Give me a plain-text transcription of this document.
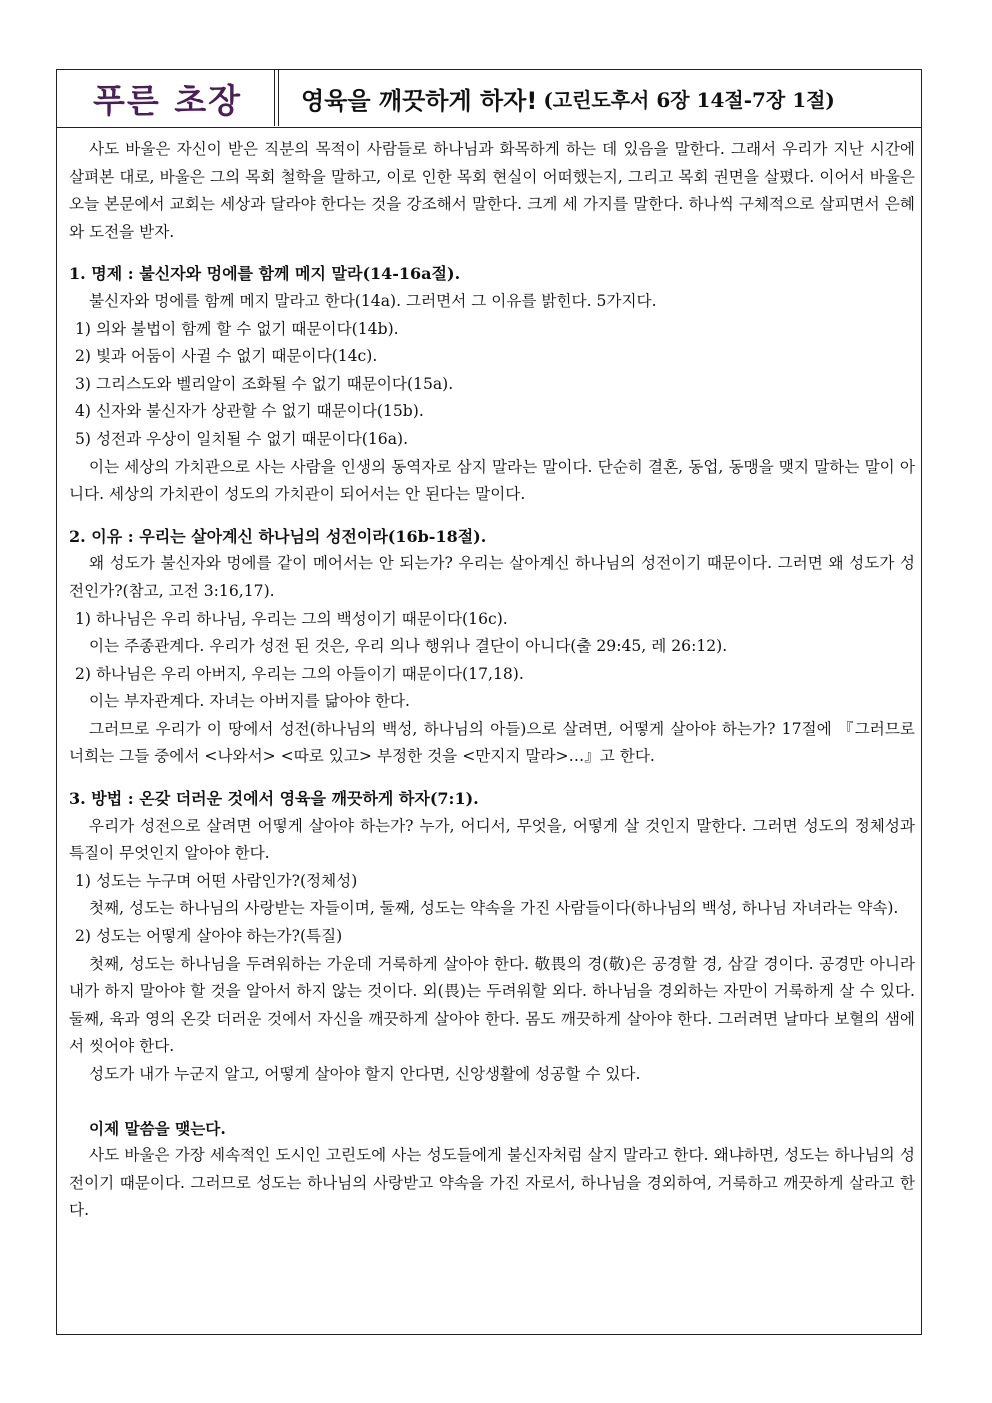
푸른 초장 영육을 깨끗하게 하자! (고린도후서 6장 14절-7장 1절)

사도 바울은 자신이 받은 직분의 목적이 사람들로 하나님과 화목하게 하는 데 있음을 말한다. 그래서 우리가 지난 시간에 살펴본 대로, 바울은 그의 목회 철학을 말하고, 이로 인한 목회 현실이 어떠했는지, 그리고 목회 권면을 살폈다. 이어서 바울은 오늘 본문에서 교회는 세상과 달라야 한다는 것을 강조해서 말한다. 크게 세 가지를 말한다. 하나씩 구체적으로 살피면서 은혜와 도전을 받자.

1. 명제 : 불신자와 멍에를 함께 메지 말라(14-16a절).

불신자와 멍에를 함께 메지 말라고 한다(14a). 그러면서 그 이유를 밝힌다. 5가지다.

1) 의와 불법이 함께 할 수 없기 때문이다(14b).

2) 빛과 어둠이 사귈 수 없기 때문이다(14c).

3) 그리스도와 벨리알이 조화될 수 없기 때문이다(15a).

4) 신자와 불신자가 상관할 수 없기 때문이다(15b).

5) 성전과 우상이 일치될 수 없기 때문이다(16a).

이는 세상의 가치관으로 사는 사람을 인생의 동역자로 삼지 말라는 말이다. 단순히 결혼, 동업, 동맹을 맺지 말하는 말이 아니다. 세상의 가치관이 성도의 가치관이 되어서는 안 된다는 말이다.

2. 이유 : 우리는 살아계신 하나님의 성전이라(16b-18절).

왜 성도가 불신자와 멍에를 같이 메어서는 안 되는가? 우리는 살아계신 하나님의 성전이기 때문이다. 그러면 왜 성도가 성전인가?(참고, 고전 3:16,17).

1) 하나님은 우리 하나님, 우리는 그의 백성이기 때문이다(16c).

이는 주종관계다. 우리가 성전 된 것은, 우리 의나 행위나 결단이 아니다(출 29:45, 레 26:12).

2) 하나님은 우리 아버지, 우리는 그의 아들이기 때문이다(17,18).

이는 부자관계다. 자녀는 아버지를 닮아야 한다.

그러므로 우리가 이 땅에서 성전(하나님의 백성, 하나님의 아들)으로 살려면, 어떻게 살아야 하는가? 17절에 『그러므로 너희는 그들 중에서 <나와서> <따로 있고> 부정한 것을 <만지지 말라>…』고 한다.

3. 방법 : 온갖 더러운 것에서 영육을 깨끗하게 하자(7:1).

우리가 성전으로 살려면 어떻게 살아야 하는가? 누가, 어디서, 무엇을, 어떻게 살 것인지 말한다. 그러면 성도의 정체성과 특질이 무엇인지 알아야 한다.

1) 성도는 누구며 어떤 사람인가?(정체성)

첫째, 성도는 하나님의 사랑받는 자들이며, 둘째, 성도는 약속을 가진 사람들이다(하나님의 백성, 하나님 자녀라는 약속).

2) 성도는 어떻게 살아야 하는가?(특질)

첫째, 성도는 하나님을 두려워하는 가운데 거룩하게 살아야 한다. 敬畏의 경(敬)은 공경할 경, 삼갈 경이다. 공경만 아니라 내가 하지 말아야 할 것을 알아서 하지 않는 것이다. 외(畏)는 두려워할 외다. 하나님을 경외하는 자만이 거룩하게 살 수 있다. 둘째, 육과 영의 온갖 더러운 것에서 자신을 깨끗하게 살아야 한다. 몸도 깨끗하게 살아야 한다. 그러려면 날마다 보혈의 샘에서 씻어야 한다.

성도가 내가 누군지 알고, 어떻게 살아야 할지 안다면, 신앙생활에 성공할 수 있다.

이제 말씀을 맺는다.

사도 바울은 가장 세속적인 도시인 고린도에 사는 성도들에게 불신자처럼 살지 말라고 한다. 왜냐하면, 성도는 하나님의 성전이기 때문이다. 그러므로 성도는 하나님의 사랑받고 약속을 가진 자로서, 하나님을 경외하여, 거룩하고 깨끗하게 살라고 한다.
